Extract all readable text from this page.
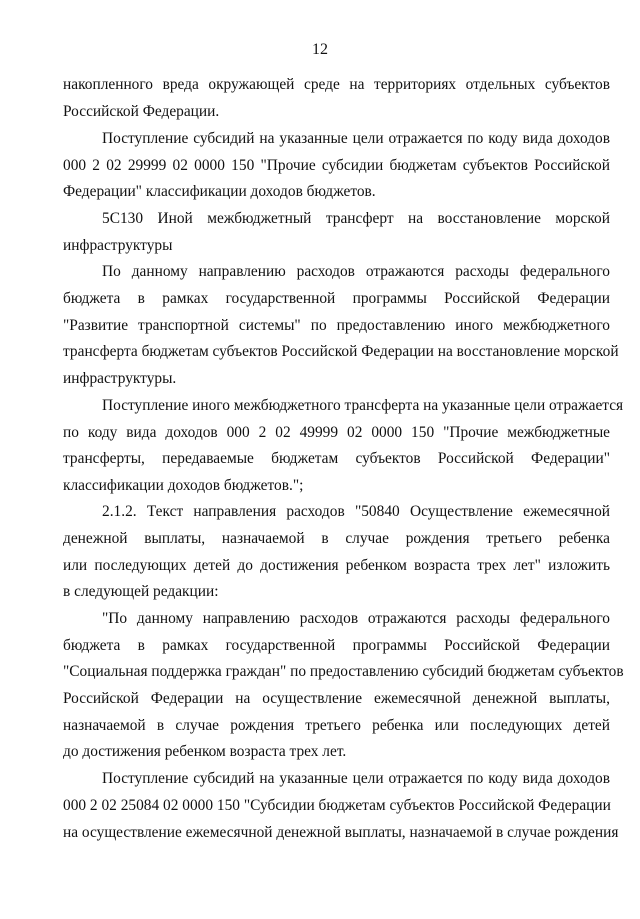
12

накопленного вреда окружающей среде на территориях отдельных субъектов

Российской Федерации.

Поступление субсидий на указанные цели отражается по коду вида доходов

000 2 02 29999 02 0000 150 "Прочие субсидии бюджетам субъектов Российской

Федерации" классификации доходов бюджетов.

5С130 Иной межбюджетный трансферт на восстановление морской

инфраструктуры

По данному направлению расходов отражаются расходы федерального

бюджета в рамках государственной программы Российской Федерации

"Развитие транспортной системы" по предоставлению иного межбюджетного

трансферта бюджетам субъектов Российской Федерации на восстановление морской

инфраструктуры.

Поступление иного межбюджетного трансферта на указанные цели отражается

по коду вида доходов 000 2 02 49999 02 0000 150 "Прочие межбюджетные

трансферты, передаваемые бюджетам субъектов Российской Федерации"

классификации доходов бюджетов.";

2.1.2. Текст направления расходов "50840 Осуществление ежемесячной

денежной выплаты, назначаемой в случае рождения третьего ребенка

или последующих детей до достижения ребенком возраста трех лет" изложить

в следующей редакции:

"По данному направлению расходов отражаются расходы федерального

бюджета в рамках государственной программы Российской Федерации

"Социальная поддержка граждан" по предоставлению субсидий бюджетам субъектов

Российской Федерации на осуществление ежемесячной денежной выплаты,

назначаемой в случае рождения третьего ребенка или последующих детей

до достижения ребенком возраста трех лет.

Поступление субсидий на указанные цели отражается по коду вида доходов

000 2 02 25084 02 0000 150 "Субсидии бюджетам субъектов Российской Федерации

на осуществление ежемесячной денежной выплаты, назначаемой в случае рождения
